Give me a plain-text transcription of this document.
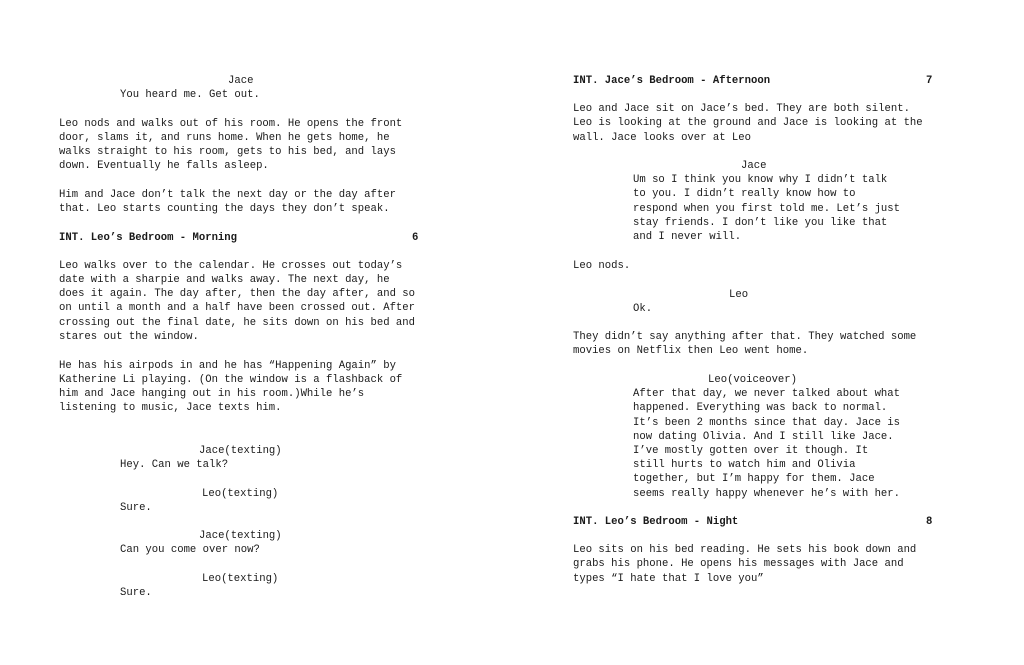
Jace
You heard me. Get out.
Leo nods and walks out of his room. He opens the front
door, slams it, and runs home. When he gets home, he
walks straight to his room, gets to his bed, and lays
down. Eventually he falls asleep.
Him and Jace don’t talk the next day or the day after
that. Leo starts counting the days they don’t speak.
INT. Leo’s Bedroom - Morning	6
Leo walks over to the calendar. He crosses out today’s
date with a sharpie and walks away. The next day, he
does it again. The day after, then the day after, and so
on until a month and a half have been crossed out. After
crossing out the final date, he sits down on his bed and
stares out the window.
He has his airpods in and he has “Happening Again” by
Katherine Li playing. (On the window is a flashback of
him and Jace hanging out in his room.)While he’s
listening to music, Jace texts him.
Jace(texting)
Hey. Can we talk?
Leo(texting)
Sure.
Jace(texting)
Can you come over now?
Leo(texting)
Sure.
INT. Jace’s Bedroom - Afternoon	7
Leo and Jace sit on Jace’s bed. They are both silent.
Leo is looking at the ground and Jace is looking at the
wall. Jace looks over at Leo
Jace
Um so I think you know why I didn’t talk
to you. I didn’t really know how to
respond when you first told me. Let’s just
stay friends. I don’t like you like that
and I never will.
Leo nods.
Leo
Ok.
They didn’t say anything after that. They watched some
movies on Netflix then Leo went home.
Leo(voiceover)
After that day, we never talked about what
happened. Everything was back to normal.
It’s been 2 months since that day. Jace is
now dating Olivia. And I still like Jace.
I’ve mostly gotten over it though. It
still hurts to watch him and Olivia
together, but I’m happy for them. Jace
seems really happy whenever he’s with her.
INT. Leo’s Bedroom - Night	8
Leo sits on his bed reading. He sets his book down and
grabs his phone. He opens his messages with Jace and
types “I hate that I love you”
